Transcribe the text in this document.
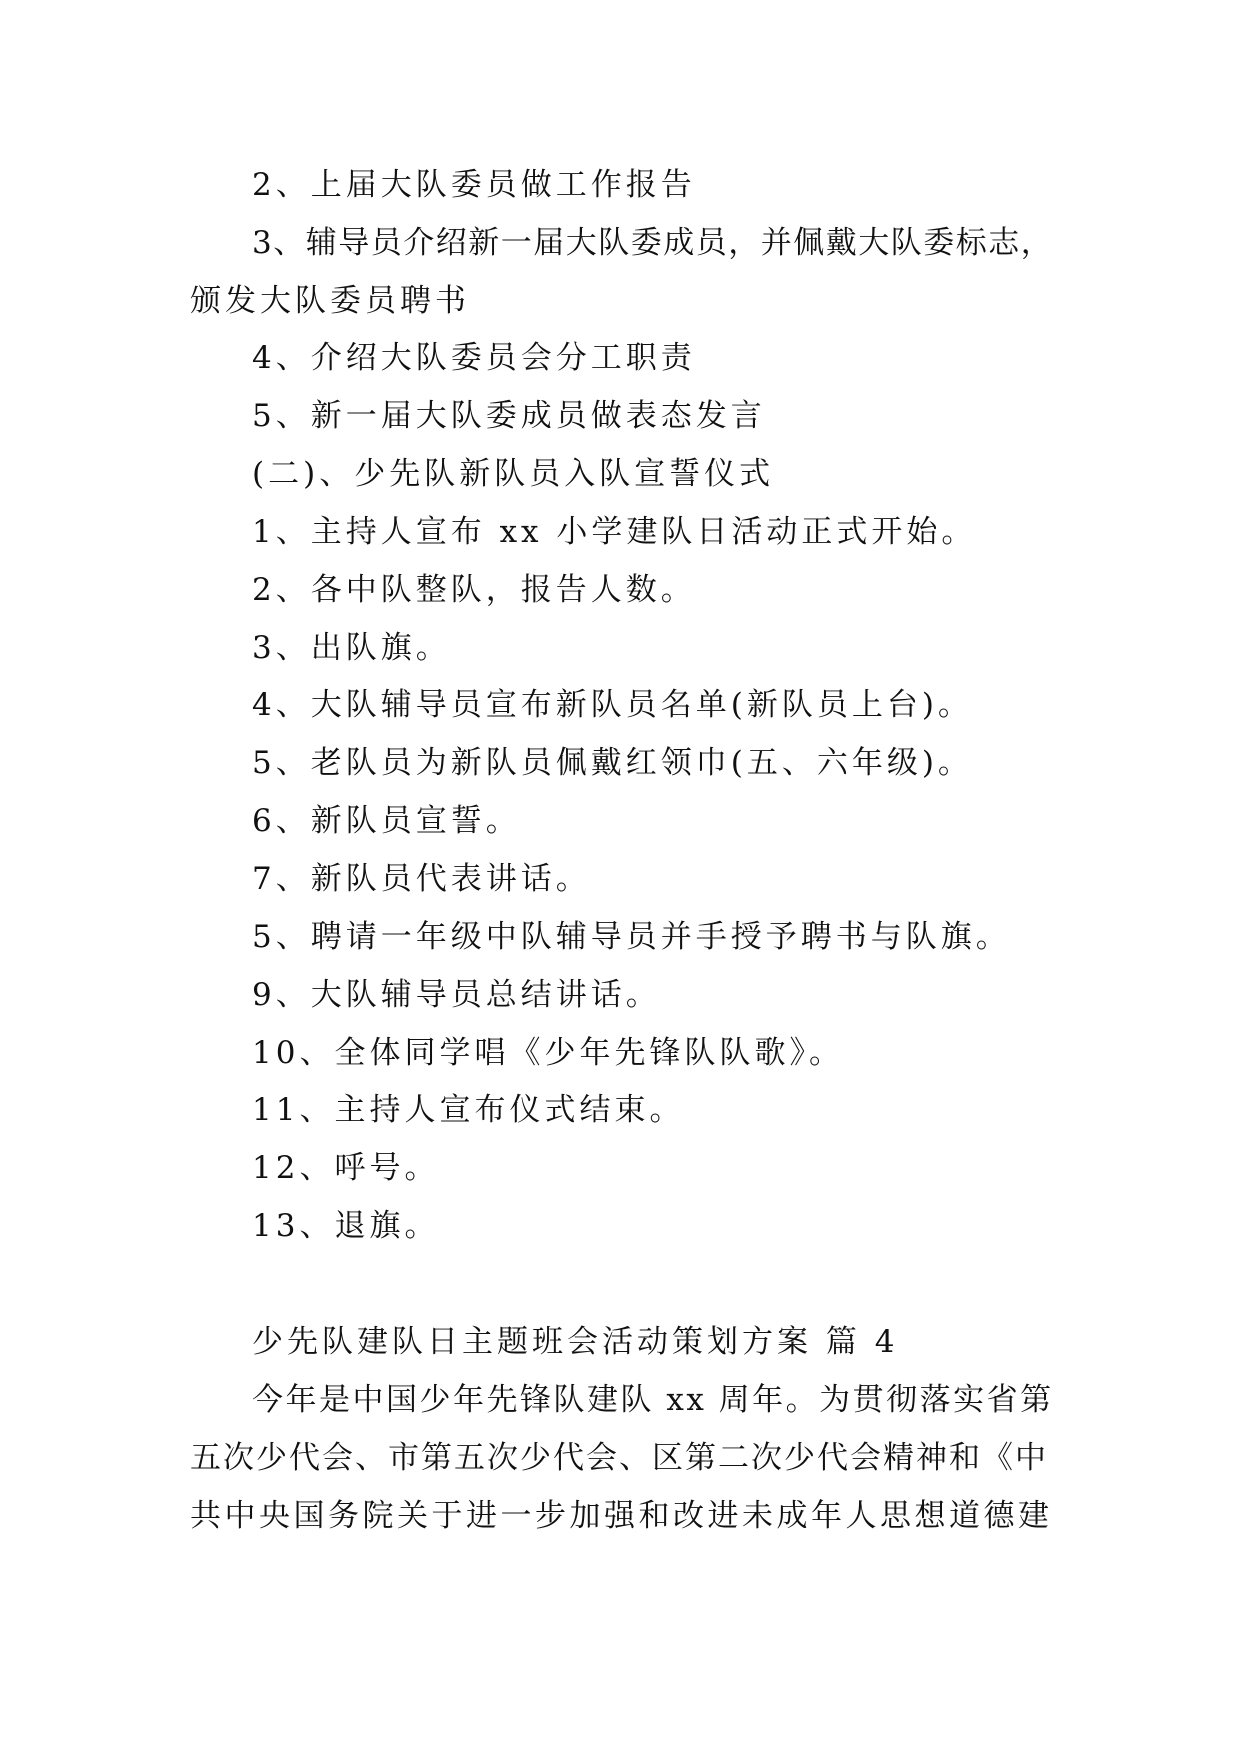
2、上届大队委员做工作报告
3、辅导员介绍新一届大队委成员，并佩戴大队委标志，
颁发大队委员聘书
4、介绍大队委员会分工职责
5、新一届大队委成员做表态发言
(二)、少先队新队员入队宣誓仪式
1、主持人宣布 xx 小学建队日活动正式开始。
2、各中队整队，报告人数。
3、出队旗。
4、大队辅导员宣布新队员名单(新队员上台)。
5、老队员为新队员佩戴红领巾(五、六年级)。
6、新队员宣誓。
7、新队员代表讲话。
5、聘请一年级中队辅导员并手授予聘书与队旗。
9、大队辅导员总结讲话。
10、全体同学唱《少年先锋队队歌》。
11、主持人宣布仪式结束。
12、呼号。
13、退旗。
少先队建队日主题班会活动策划方案 篇 4
今年是中国少年先锋队建队 xx 周年。为贯彻落实省第
五次少代会、市第五次少代会、区第二次少代会精神和《中
共中央国务院关于进一步加强和改进未成年人思想道德建
